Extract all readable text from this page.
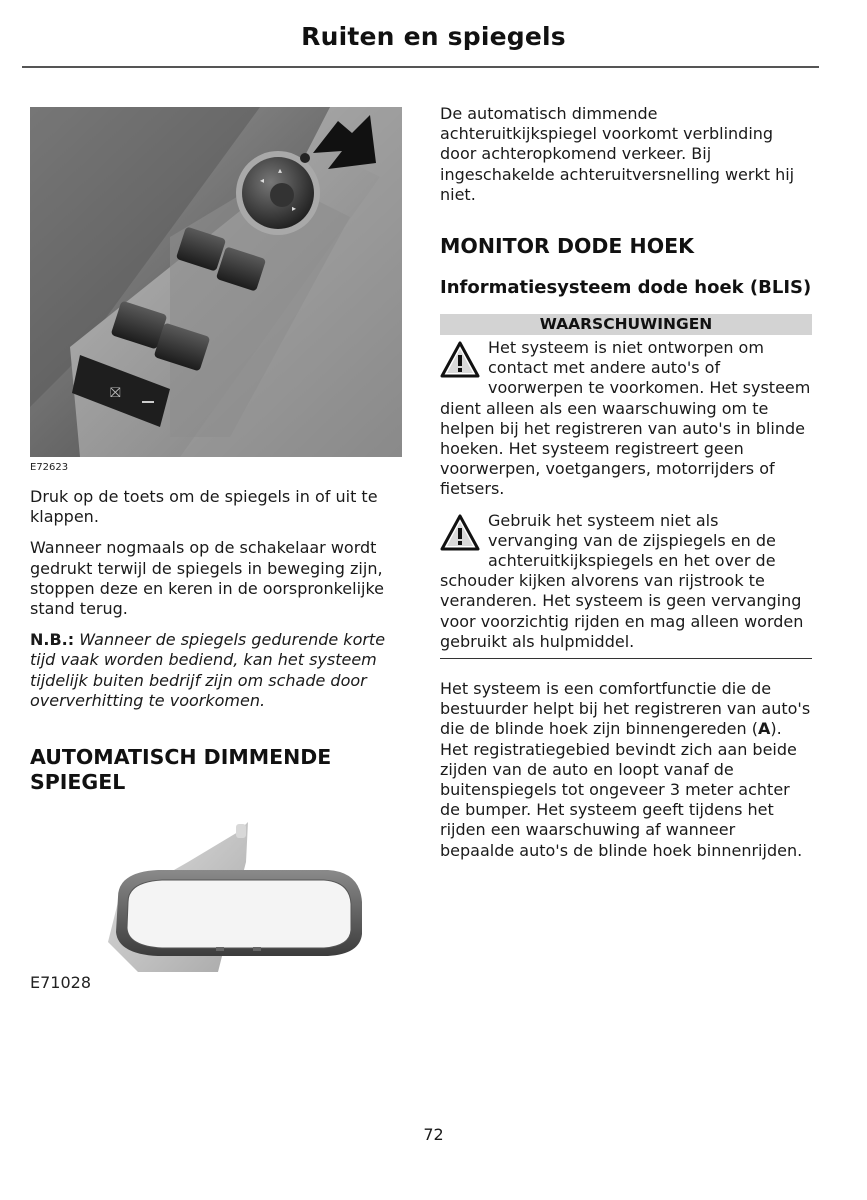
Ruiten en spiegels
◂
▴
▸
⛝
E72623

Druk op de toets om de spiegels in of uit te klappen.

Wanneer nogmaals op de schakelaar wordt gedrukt terwijl de spiegels in beweging zijn, stoppen deze en keren in de oorspronkelijke stand terug.

N.B.: Wanneer de spiegels gedurende korte tijd vaak worden bediend, kan het systeem tijdelijk buiten bedrijf zijn om schade door oververhitting te voorkomen.

AUTOMATISCH DIMMENDE SPIEGEL
E71028

De automatisch dimmende achteruitkijkspiegel voorkomt verblinding door achteropkomend verkeer. Bij ingeschakelde achteruitversnelling werkt hij niet.

MONITOR DODE HOEK
Informatiesysteem dode hoek (BLIS)
WAARSCHUWINGEN

Het systeem is niet ontworpen om contact met andere auto's of voorwerpen te voorkomen. Het systeem dient alleen als een waarschuwing om te helpen bij het registreren van auto's in blinde hoeken. Het systeem registreert geen voorwerpen, voetgangers, motorrijders of fietsers.

Gebruik het systeem niet als vervanging van de zijspiegels en de achteruitkijkspiegels en het over de schouder kijken alvorens van rijstrook te veranderen. Het systeem is geen vervanging voor voorzichtig rijden en mag alleen worden gebruikt als hulpmiddel.

Het systeem is een comfortfunctie die de bestuurder helpt bij het registreren van auto's die de blinde hoek zijn binnengereden (A). Het registratiegebied bevindt zich aan beide zijden van de auto en loopt vanaf de buitenspiegels tot ongeveer 3 meter achter de bumper. Het systeem geeft tijdens het rijden een waarschuwing af wanneer bepaalde auto's de blinde hoek binnenrijden.

72
